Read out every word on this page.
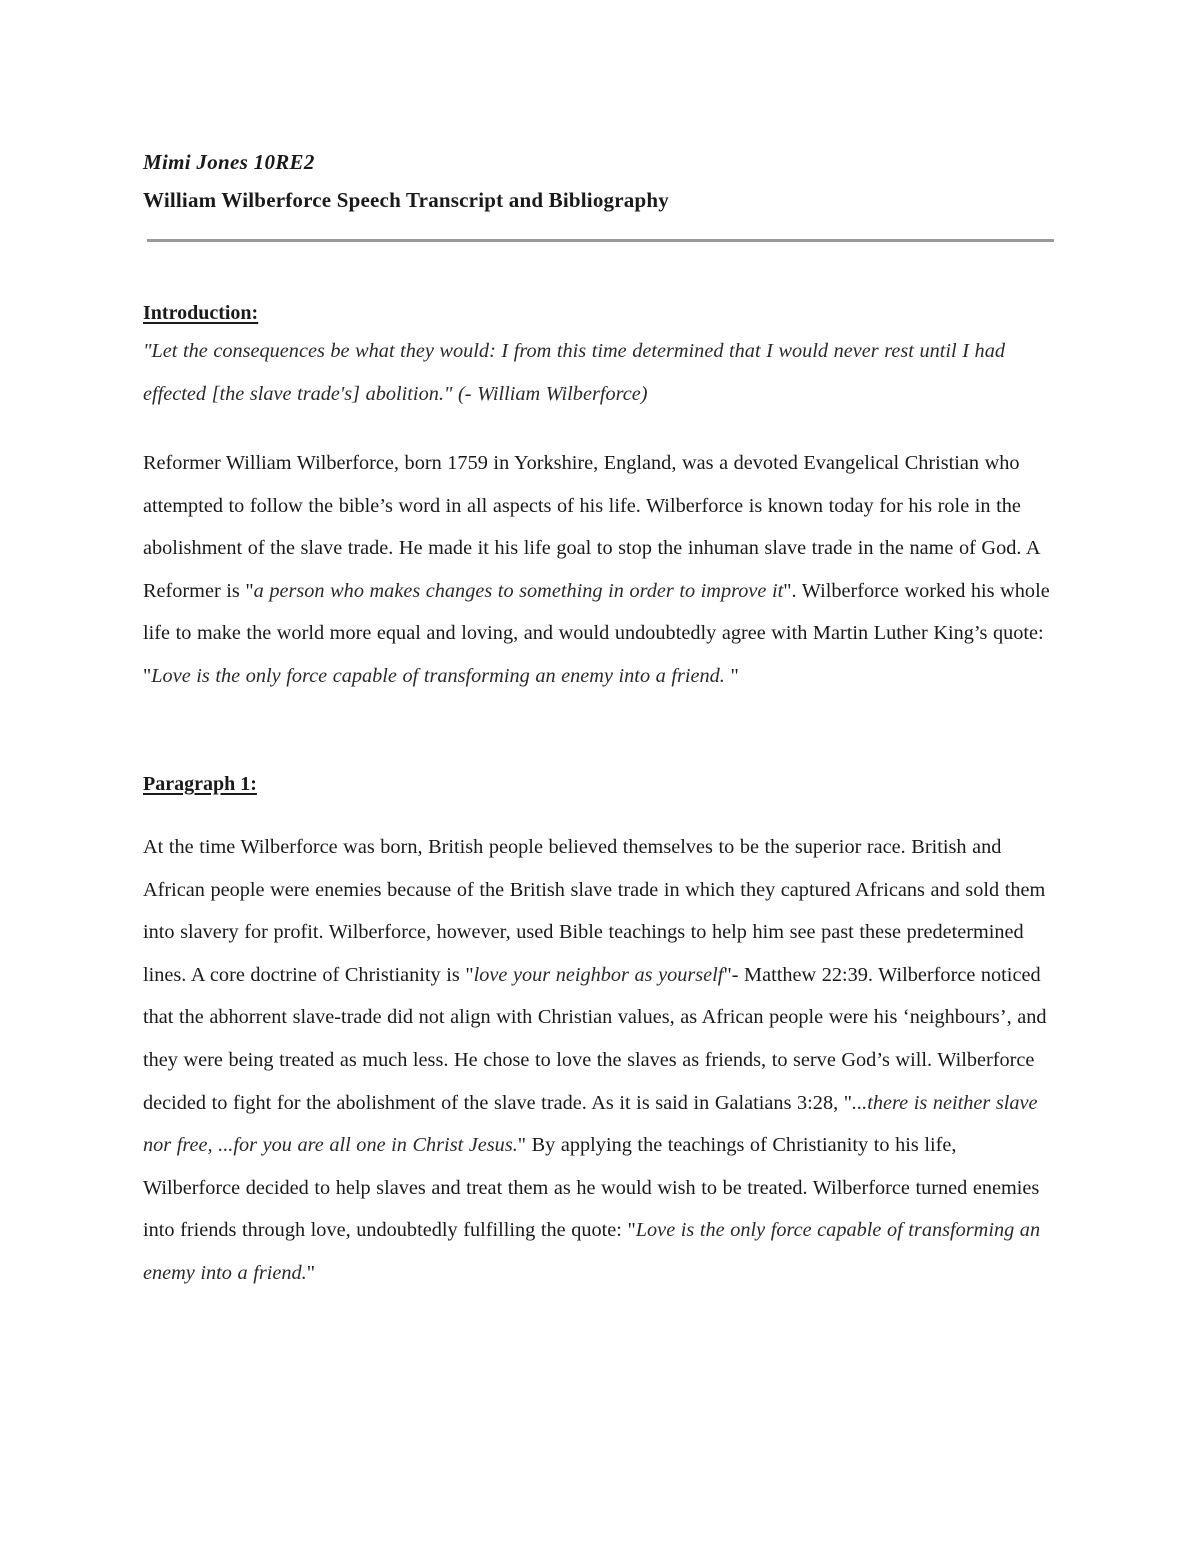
Mimi Jones 10RE2
William Wilberforce Speech Transcript and Bibliography
Introduction:
"Let the consequences be what they would: I from this time determined that I would never rest until I had
effected [the slave trade's] abolition." (- William Wilberforce)
Reformer William Wilberforce, born 1759 in Yorkshire, England, was a devoted Evangelical Christian who attempted to follow the bible’s word in all aspects of his life. Wilberforce is known today for his role in the abolishment of the slave trade. He made it his life goal to stop the inhuman slave trade in the name of God. A Reformer is "a person who makes changes to something in order to improve it". Wilberforce worked his whole life to make the world more equal and loving, and would undoubtedly agree with Martin Luther King’s quote: "Love is the only force capable of transforming an enemy into a friend. "
Paragraph 1:
At the time Wilberforce was born, British people believed themselves to be the superior race. British and African people were enemies because of the British slave trade in which they captured Africans and sold them into slavery for profit. Wilberforce, however, used Bible teachings to help him see past these predetermined lines. A core doctrine of Christianity is "love your neighbor as yourself"- Matthew 22:39. Wilberforce noticed that the abhorrent slave-trade did not align with Christian values, as African people were his ‘neighbours’, and they were being treated as much less. He chose to love the slaves as friends, to serve God’s will. Wilberforce decided to fight for the abolishment of the slave trade. As it is said in Galatians 3:28, "...there is neither slave nor free, ...for you are all one in Christ Jesus." By applying the teachings of Christianity to his life, Wilberforce decided to help slaves and treat them as he would wish to be treated. Wilberforce turned enemies into friends through love, undoubtedly fulfilling the quote: "Love is the only force capable of transforming an enemy into a friend."
